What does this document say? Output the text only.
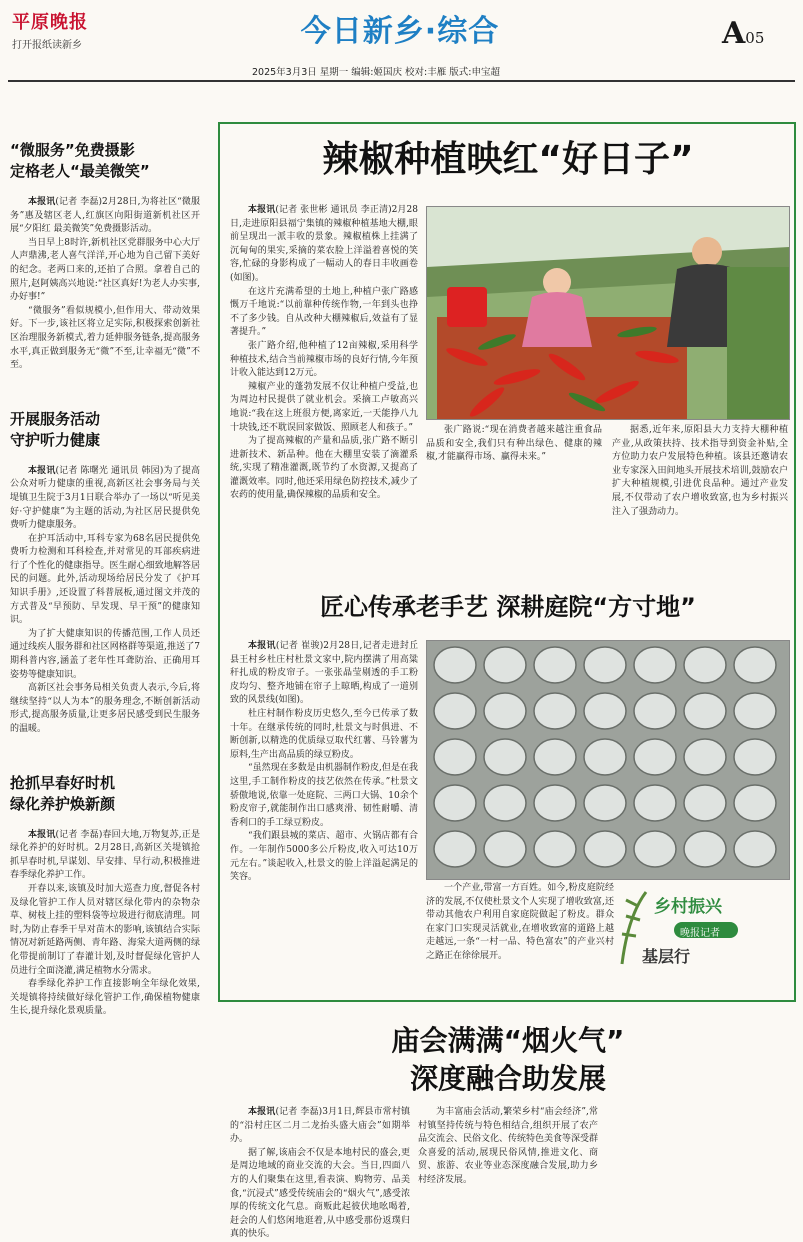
平原晚报
打开报纸读新乡	今日新乡·综合	A05
2025年3月3日 星期一 编辑:姬国庆 校对:丰雁 版式:申宝超
“微服务”免费摄影
定格老人“最美微笑”

本报讯(记者 李磊)2月28日,为将社区“微服务”惠及辖区老人,红旗区向阳街道新机社区开展“夕阳红 最美微笑”免费摄影活动。

当日早上8时许,新机社区党群服务中心大厅人声鼎沸,老人喜气洋洋,开心地为自己留下美好的纪念。老两口来的,还拍了合照。拿着自己的照片,赵阿姨高兴地说:“社区真好!为老人办实事,办好事!”

“微服务”看似规模小,但作用大、带动效果好。下一步,该社区将立足实际,积极探索创新社区治理服务新模式,着力延伸服务链条,提高服务水平,真正做到服务无“微”不至,让幸福无“微”不至。

开展服务活动
守护听力健康

本报讯(记者 陈曙光 通讯员 韩园)为了提高公众对听力健康的重视,高新区社会事务局与关堤镇卫生院于3月1日联合举办了一场以“听见美好·守护健康”为主题的活动,为社区居民提供免费听力健康服务。

在护耳活动中,耳科专家为68名居民提供免费听力检测和耳科检查,并对常见的耳部疾病进行了个性化的健康指导。医生耐心细致地解答居民的问题。此外,活动现场给居民分发了《护耳知识手册》,还设置了科普展板,通过图文并茂的方式普及“早预防、早发现、早干预”的健康知识。

为了扩大健康知识的传播范围,工作人员还通过线疾人服务群和社区网格群等渠道,推送了7期科普内容,涵盖了老年性耳聋防治、正确用耳姿势等健康知识。

高新区社会事务局相关负责人表示,今后,将继续坚持“以人为本”的服务理念,不断创新活动形式,提高服务质量,让更多居民感受到民生服务的温暖。

抢抓早春好时机
绿化养护焕新颜

本报讯(记者 李磊)春回大地,万物复苏,正是绿化养护的好时机。2月28日,高新区关堤镇抢抓早春时机,早谋划、早安排、早行动,积极推进春季绿化养护工作。

开春以来,该镇及时加大巡查力度,督促各村及绿化管护工作人员对辖区绿化带内的杂物杂草、树枝上挂的塑料袋等垃圾进行彻底清理。同时,为防止春季干旱对苗木的影响,该镇结合实际情况对新延路两侧、青年路、海棠大道两侧的绿化带提前制订了春灌计划,及时督促绿化管护人员进行全面浇灌,满足植物水分需求。

春季绿化养护工作直接影响全年绿化效果,关堤镇将持续做好绿化管护工作,确保植物健康生长,提升绿化景观质量。

辣椒种植映红“好日子”

本报讯(记者 张世彬 通讯员 李正清)2月28日,走进原阳县福宁集镇的辣椒种植基地大棚,眼前呈现出一派丰收的景象。辣椒植株上挂满了沉甸甸的果实,采摘的菜农脸上洋溢着喜悦的笑容,忙碌的身影构成了一幅动人的春日丰收画卷(如图)。

在这片充满希望的土地上,种植户张广路感慨万千地说:“以前靠种传统作物,一年到头也挣不了多少钱。自从改种大棚辣椒后,效益有了显著提升。”

张广路介绍,他种植了12亩辣椒,采用科学种植技术,结合当前辣椒市场的良好行情,今年预计收入能达到12万元。

辣椒产业的蓬勃发展不仅让种植户受益,也为周边村民提供了就业机会。采摘工卢敏高兴地说:“我在这上班很方便,离家近,一天能挣八九十块钱,还不耽误回家做饭、照顾老人和孩子。”

为了提高辣椒的产量和品质,张广路不断引进新技术、新品种。他在大棚里安装了滴灌系统,实现了精准灌溉,既节约了水资源,又提高了灌溉效率。同时,他还采用绿色防控技术,减少了农药的使用量,确保辣椒的品质和安全。

张广路说:“现在消费者越来越注重食品品质和安全,我们只有种出绿色、健康的辣椒,才能赢得市场、赢得未来。”

据悉,近年来,原阳县大力支持大棚种植产业,从政策扶持、技术指导到资金补贴,全方位助力农户发展特色种植。该县还邀请农业专家深入田间地头开展技术培训,鼓励农户扩大种植规模,引进优良品种。通过产业发展,不仅带动了农户增收致富,也为乡村振兴注入了强劲动力。

匠心传承老手艺 深耕庭院“方寸地”

本报讯(记者 崔骏)2月28日,记者走进封丘县王村乡杜庄村杜景文家中,院内摆满了用高粱秆扎成的粉皮帘子。一张张晶莹剔透的手工粉皮均匀、整齐地铺在帘子上晾晒,构成了一道别致的风景线(如图)。

杜庄村制作粉皮历史悠久,至今已传承了数十年。在继承传统的同时,杜景文与时俱进、不断创新,以精选的优质绿豆取代红薯、马铃薯为原料,生产出高品质的绿豆粉皮。

“虽然现在多数是由机器制作粉皮,但是在我这里,手工制作粉皮的技艺依然在传承。”杜景文骄傲地说,依靠一处庭院、三两口大锅、10余个粉皮帘子,就能制作出口感爽滑、韧性耐嚼、清香利口的手工绿豆粉皮。

“我们跟县城的菜店、超市、火锅店都有合作。一年制作5000多公斤粉皮,收入可达10万元左右。”谈起收入,杜景文的脸上洋溢起满足的笑容。

一个产业,带富一方百姓。如今,粉皮庭院经济的发展,不仅使杜景文个人实现了增收致富,还带动其他农户利用自家庭院做起了粉皮。群众在家门口实现灵活就业,在增收致富的道路上越走越远,一条“一村一品、特色富农”的产业兴村之路正在徐徐展开。

乡村振兴
晚报记者
基层行
庙会满满“烟火气”
深度融合助发展

本报讯(记者 李磊)3月1日,辉县市常村镇的“沿村庄区二月二龙抬头盛大庙会”如期举办。

据了解,该庙会不仅是本地村民的盛会,更是周边地域的商业交流的大会。当日,四面八方的人们聚集在这里,看表演、购物劳、品美食,“沉浸式”感受传统庙会的“烟火气”,感受浓厚的传统文化气息。商贩此起彼伏地吆喝着,赶会的人们悠闲地逛着,从中感受那份返璞归真的快乐。

为丰富庙会活动,繁荣乡村“庙会经济”,常村镇坚持传统与特色相结合,组织开展了农产品交流会、民俗文化、传统特色美食等深受群众喜爱的活动,展现民俗风情,推进文化、商贸、旅游、农业等业态深度融合发展,助力乡村经济发展。
